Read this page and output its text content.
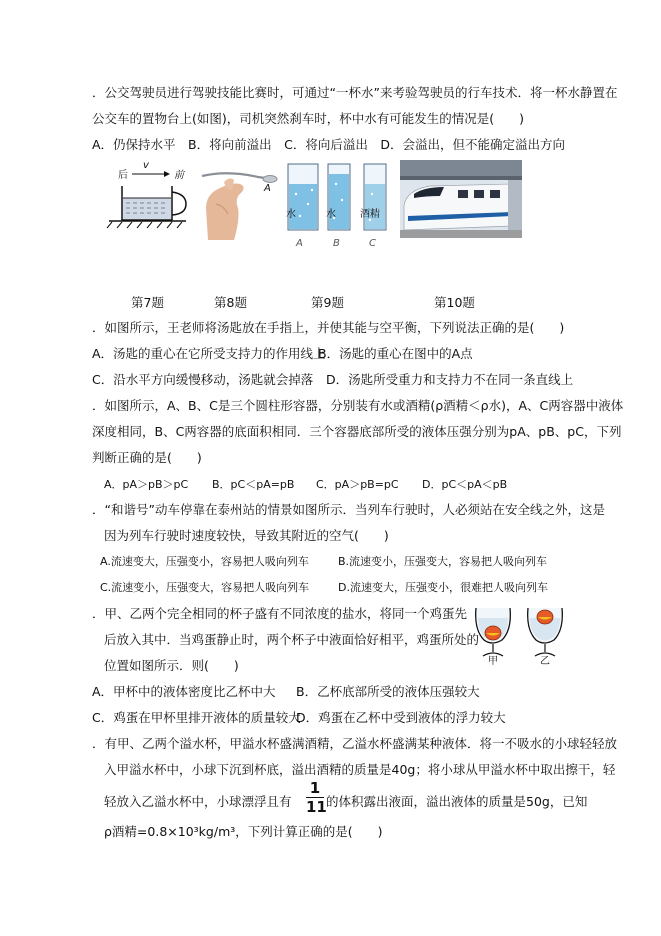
．公交驾驶员进行驾驶技能比赛时，可通过“一杯水”来考验驾驶员的行车技术．将一杯水静置在
公交车的置物台上(如图)，司机突然刹车时，杯中水有可能发生的情况是(　　)
A．仍保持水平　B．将向前溢出　C．将向后溢出　D．会溢出，但不能确定溢出方向
后	前
v
A
水	水 酒精
A	B	C
第7题	第8题	第9题	第10题
．如图所示，王老师将汤匙放在手指上，并使其能与空平衡，下列说法正确的是(　　)
A．汤匙的重心在它所受支持力的作用线上
B．汤匙的重心在图中的A点
C．沿水平方向缓慢移动，汤匙就会掉落 D．汤匙所受重力和支持力不在同一条直线上
．如图所示，A、B、C是三个圆柱形容器，分别装有水或酒精(ρ酒精＜ρ水)，A、C两容器中液体
深度相同，B、C两容器的底面积相同．三个容器底部所受的液体压强分别为pA、pB、pC，下列
判断正确的是(　　)
A．pA＞pB＞pC B．pC＜pA=pB C．pA＞pB=pC D．pC＜pA＜pB
．“和谐号”动车停靠在泰州站的情景如图所示．当列车行驶时，人必须站在安全线之外，这是
因为列车行驶时速度较快，导致其附近的空气(　　)
A.流速变大，压强变小，容易把人吸向列车	B.流速变小，压强变大，容易把人吸向列车
C.流速变小，压强变大，容易把人吸向列车	D.流速变大，压强变小，很难把人吸向列车
．甲、乙两个完全相同的杯子盛有不同浓度的盐水，将同一个鸡蛋先
后放入其中．当鸡蛋静止时，两个杯子中液面恰好相平，鸡蛋所处的
位置如图所示．则(　　)	甲	乙
A．甲杯中的液体密度比乙杯中大 B．乙杯底部所受的液体压强较大
C．鸡蛋在甲杯里排开液体的质量较大
D．鸡蛋在乙杯中受到液体的浮力较大
．有甲、乙两个溢水杯，甲溢水杯盛满酒精，乙溢水杯盛满某种液体．将一不吸水的小球轻轻放
入甲溢水杯中，小球下沉到杯底，溢出酒精的质量是40g；将小球从甲溢水杯中取出擦干，轻
轻放入乙溢水杯中，小球漂浮且有
1
11 的体积露出液面，溢出液体的质量是50g，已知
ρ酒精=0.8×10³kg/m³，下列计算正确的是(　　)
